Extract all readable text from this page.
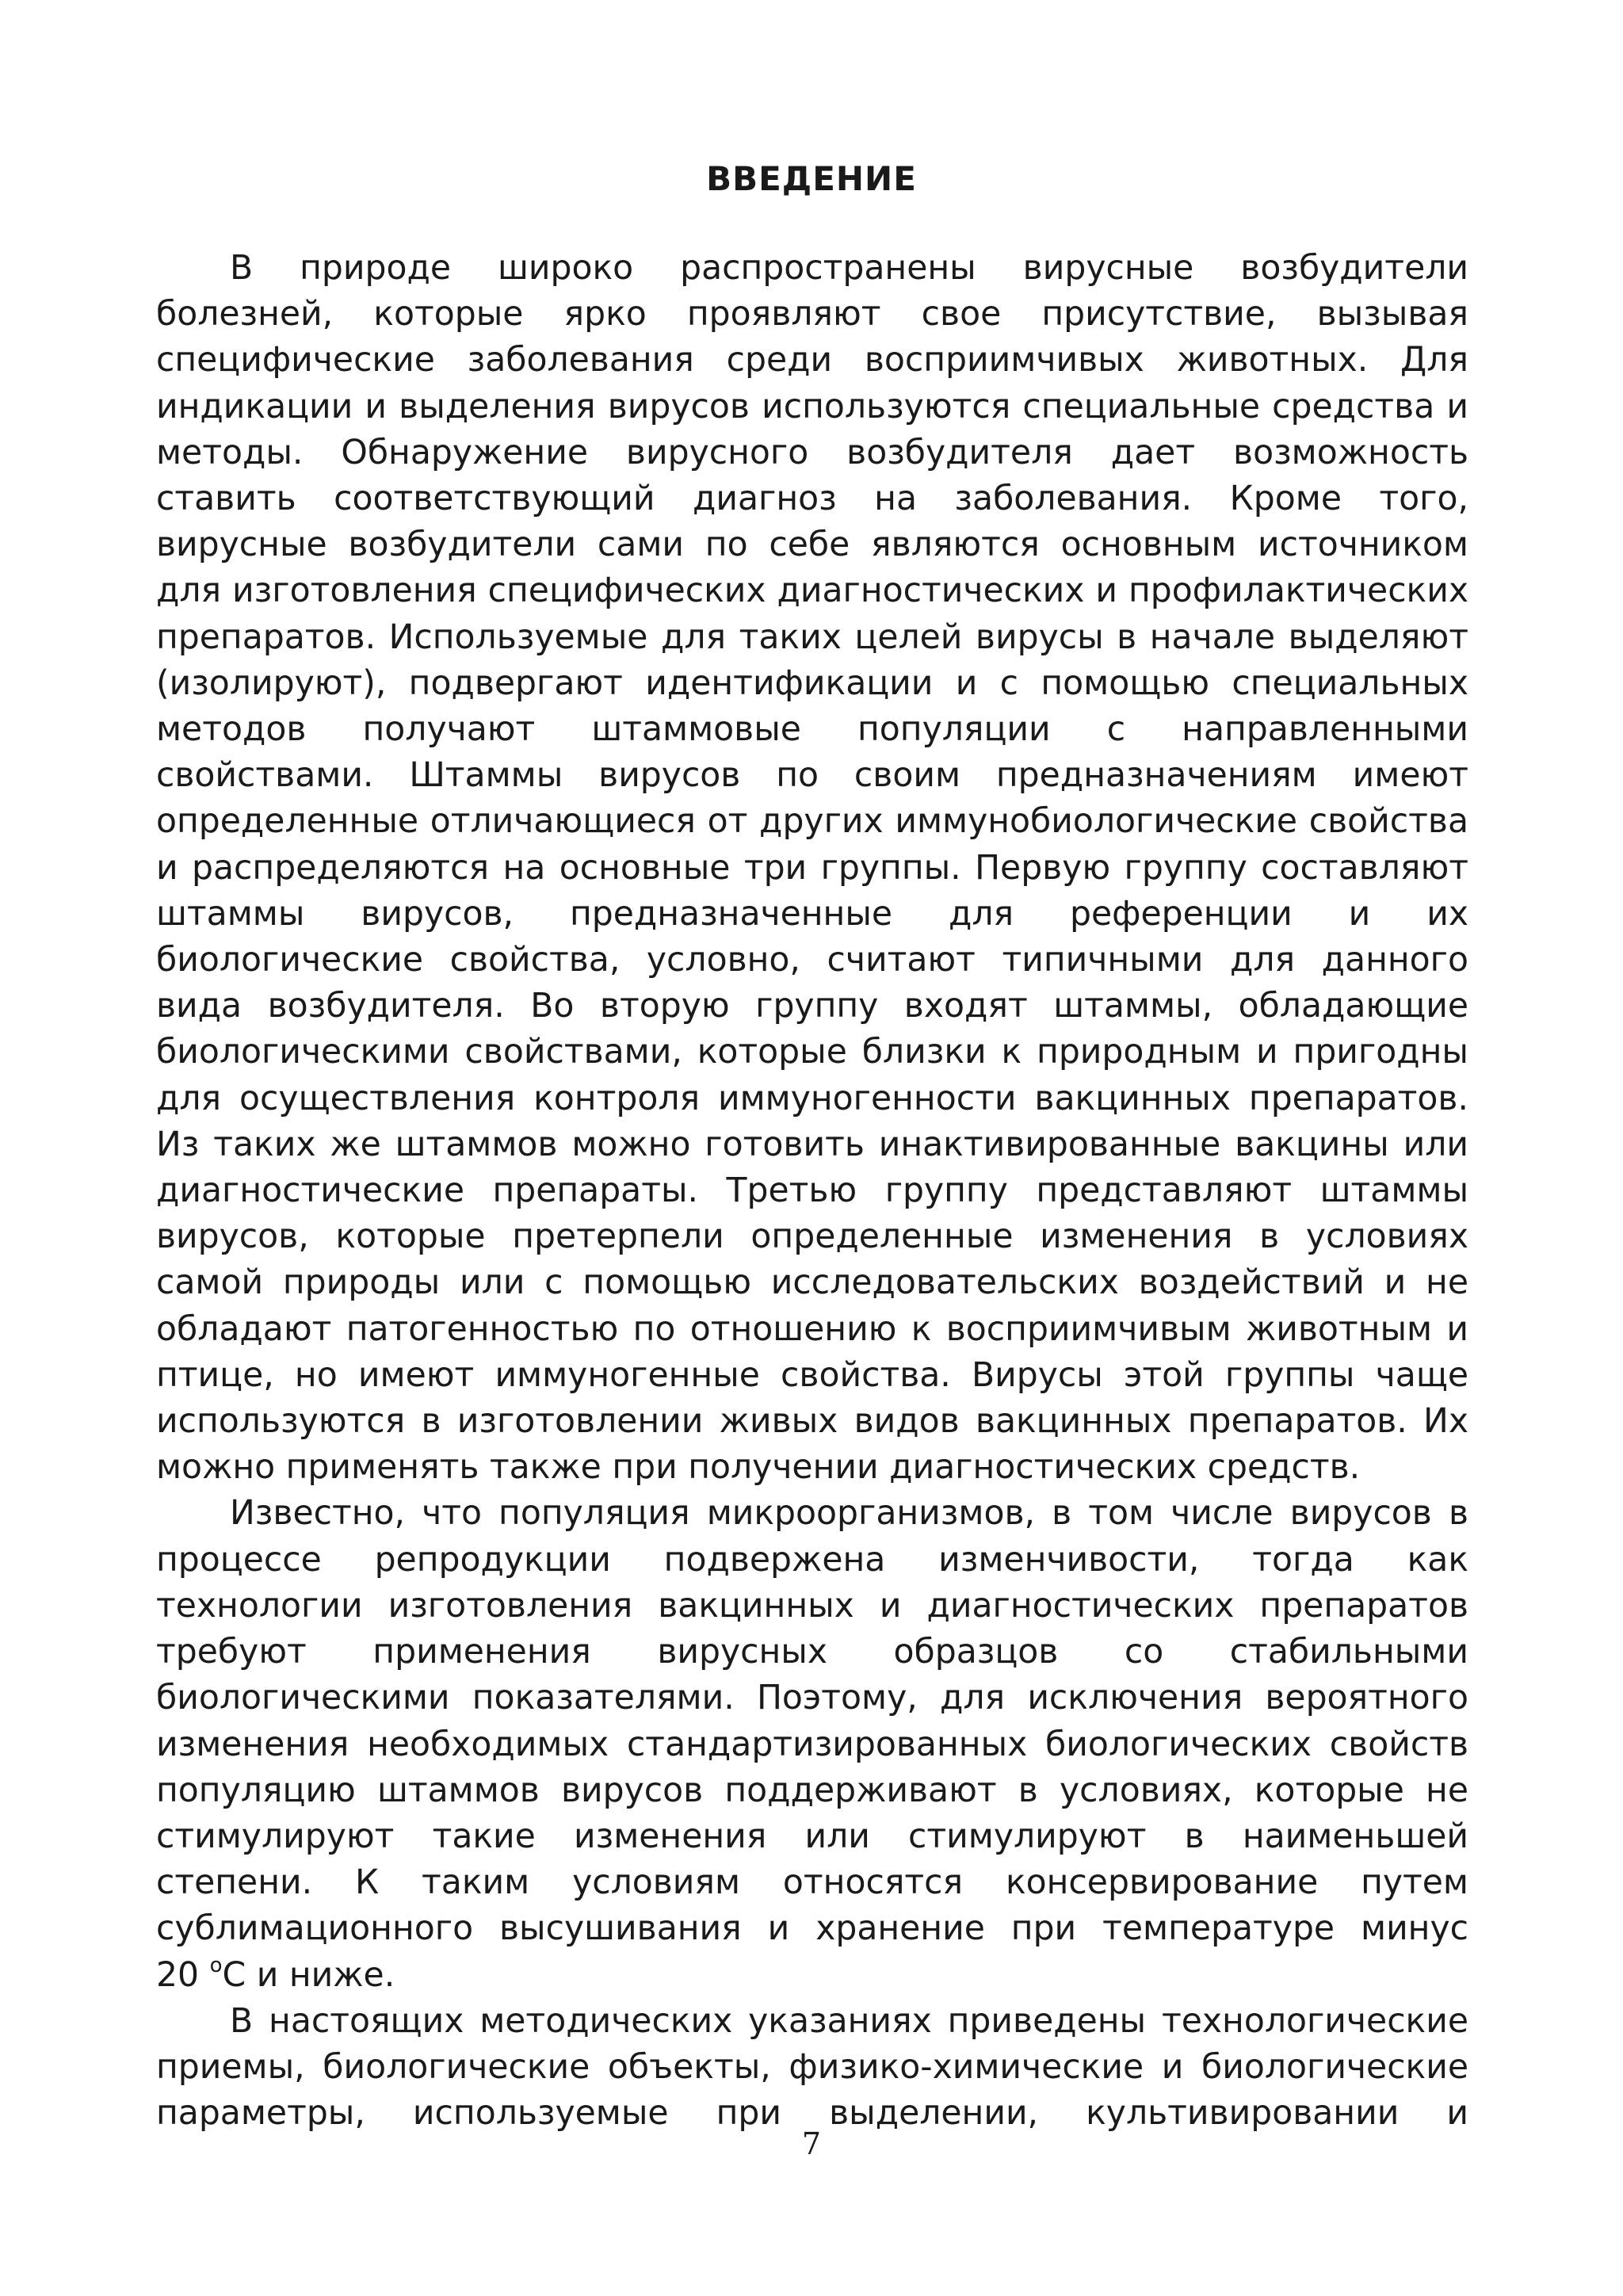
ВВЕДЕНИЕ

В природе широко распространены вирусные возбудители болезней, которые ярко проявляют свое присутствие, вызывая специфические заболевания среди восприимчивых животных. Для индикации и выделения вирусов используются специальные средства и методы. Обнаружение вирусного возбудителя дает возможность ставить соответствующий диагноз на заболевания. Кроме того, вирусные возбудители сами по себе являются основным источником для изготовления специфических диагностических и профилактических препаратов. Используемые для таких целей вирусы в начале выделяют (изолируют), подвергают идентификации и с помощью специальных методов получают штаммовые популяции с направленными свойствами. Штаммы вирусов по своим предназначениям имеют определенные отличающиеся от других иммунобиологические свойства и распределяются на основные три группы. Первую группу составляют штаммы вирусов, предназначенные для референции и их биологические свойства, условно, считают типичными для данного вида возбудителя. Во вторую группу входят штаммы, обладающие биологическими свойствами, которые близки к природным и пригодны для осуществления контроля иммуногенности вакцинных препаратов. Из таких же штаммов можно готовить инактивированные вакцины или диагностические препараты. Третью группу представляют штаммы вирусов, которые претерпели определенные изменения в условиях самой природы или с помощью исследовательских воздействий и не обладают патогенностью по отношению к восприимчивым животным и птице, но имеют иммуногенные свойства. Вирусы этой группы чаще используются в изготовлении живых видов вакцинных препаратов. Их можно применять также при получении диагностических средств.

Известно, что популяция микроорганизмов, в том числе вирусов в процессе репродукции подвержена изменчивости, тогда как технологии изготовления вакцинных и диагностических препаратов требуют применения вирусных образцов со стабильными биологическими показателями. Поэтому, для исключения вероятного изменения необходимых стандартизированных биологических свойств популяцию штаммов вирусов поддерживают в условиях, которые не стимулируют такие изменения или стимулируют в наименьшей степени. К таким условиям относятся консервирование путем сублимационного высушивания и хранение при температуре минус 20 $^о$С и ниже.

В настоящих методических указаниях приведены технологические приемы, биологические объекты, физико-химические и биологические параметры, используемые при выделении, культивировании и

7
